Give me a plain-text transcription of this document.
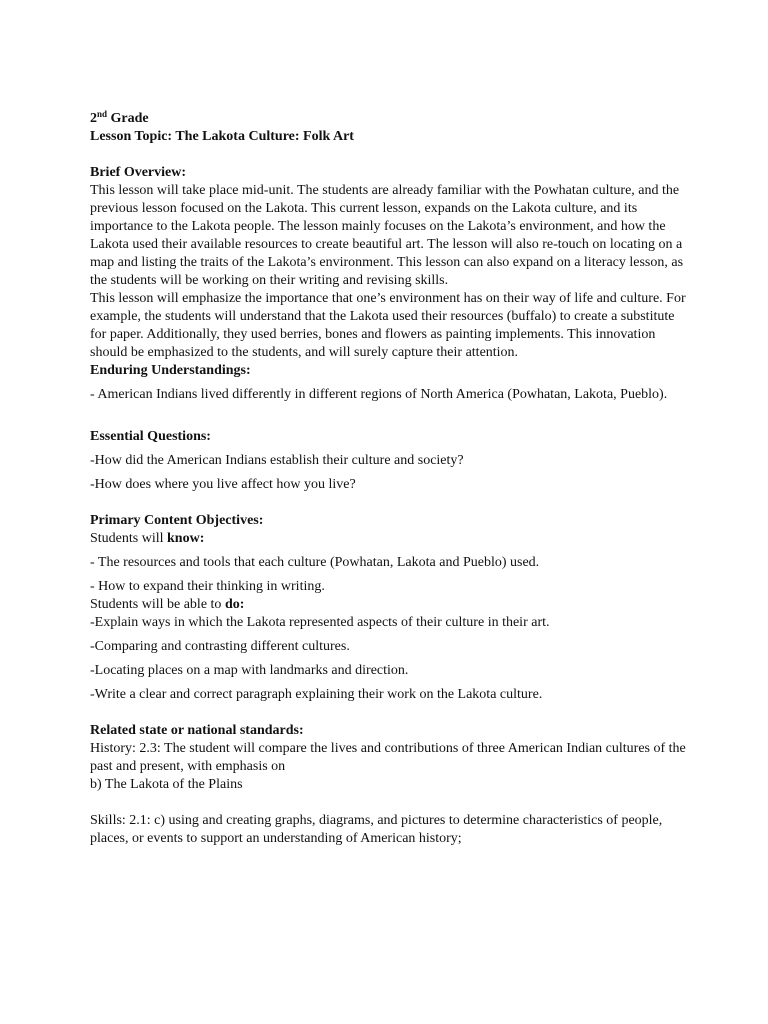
2nd Grade

Lesson Topic: The Lakota Culture: Folk Art

Brief Overview:

This lesson will take place mid-unit. The students are already familiar with the Powhatan culture, and the previous lesson focused on the Lakota. This current lesson, expands on the Lakota culture, and its importance to the Lakota people. The lesson mainly focuses on the Lakota’s environment, and how the Lakota used their available resources to create beautiful art. The lesson will also re-touch on locating on a map and listing the traits of the Lakota’s environment. This lesson can also expand on a literacy lesson, as the students will be working on their writing and revising skills.

This lesson will emphasize the importance that one’s environment has on their way of life and culture. For example, the students will understand that the Lakota used their resources (buffalo) to create a substitute for paper. Additionally, they used berries, bones and flowers as painting implements. This innovation should be emphasized to the students, and will surely capture their attention.

Enduring Understandings:

- American Indians lived differently in different regions of North America (Powhatan, Lakota, Pueblo).

Essential Questions:

-How did the American Indians establish their culture and society?

-How does where you live affect how you live?

Primary Content Objectives:

Students will know:

- The resources and tools that each culture (Powhatan, Lakota and Pueblo) used.

- How to expand their thinking in writing.

Students will be able to do:

-Explain ways in which the Lakota represented aspects of their culture in their art.

-Comparing and contrasting different cultures.

-Locating places on a map with landmarks and direction.

-Write a clear and correct paragraph explaining their work on the Lakota culture.

Related state or national standards:

History: 2.3: The student will compare the lives and contributions of three American Indian cultures of the past and present, with emphasis on

b) The Lakota of the Plains

Skills: 2.1: c) using and creating graphs, diagrams, and pictures to determine characteristics of people, places, or events to support an understanding of American history;
